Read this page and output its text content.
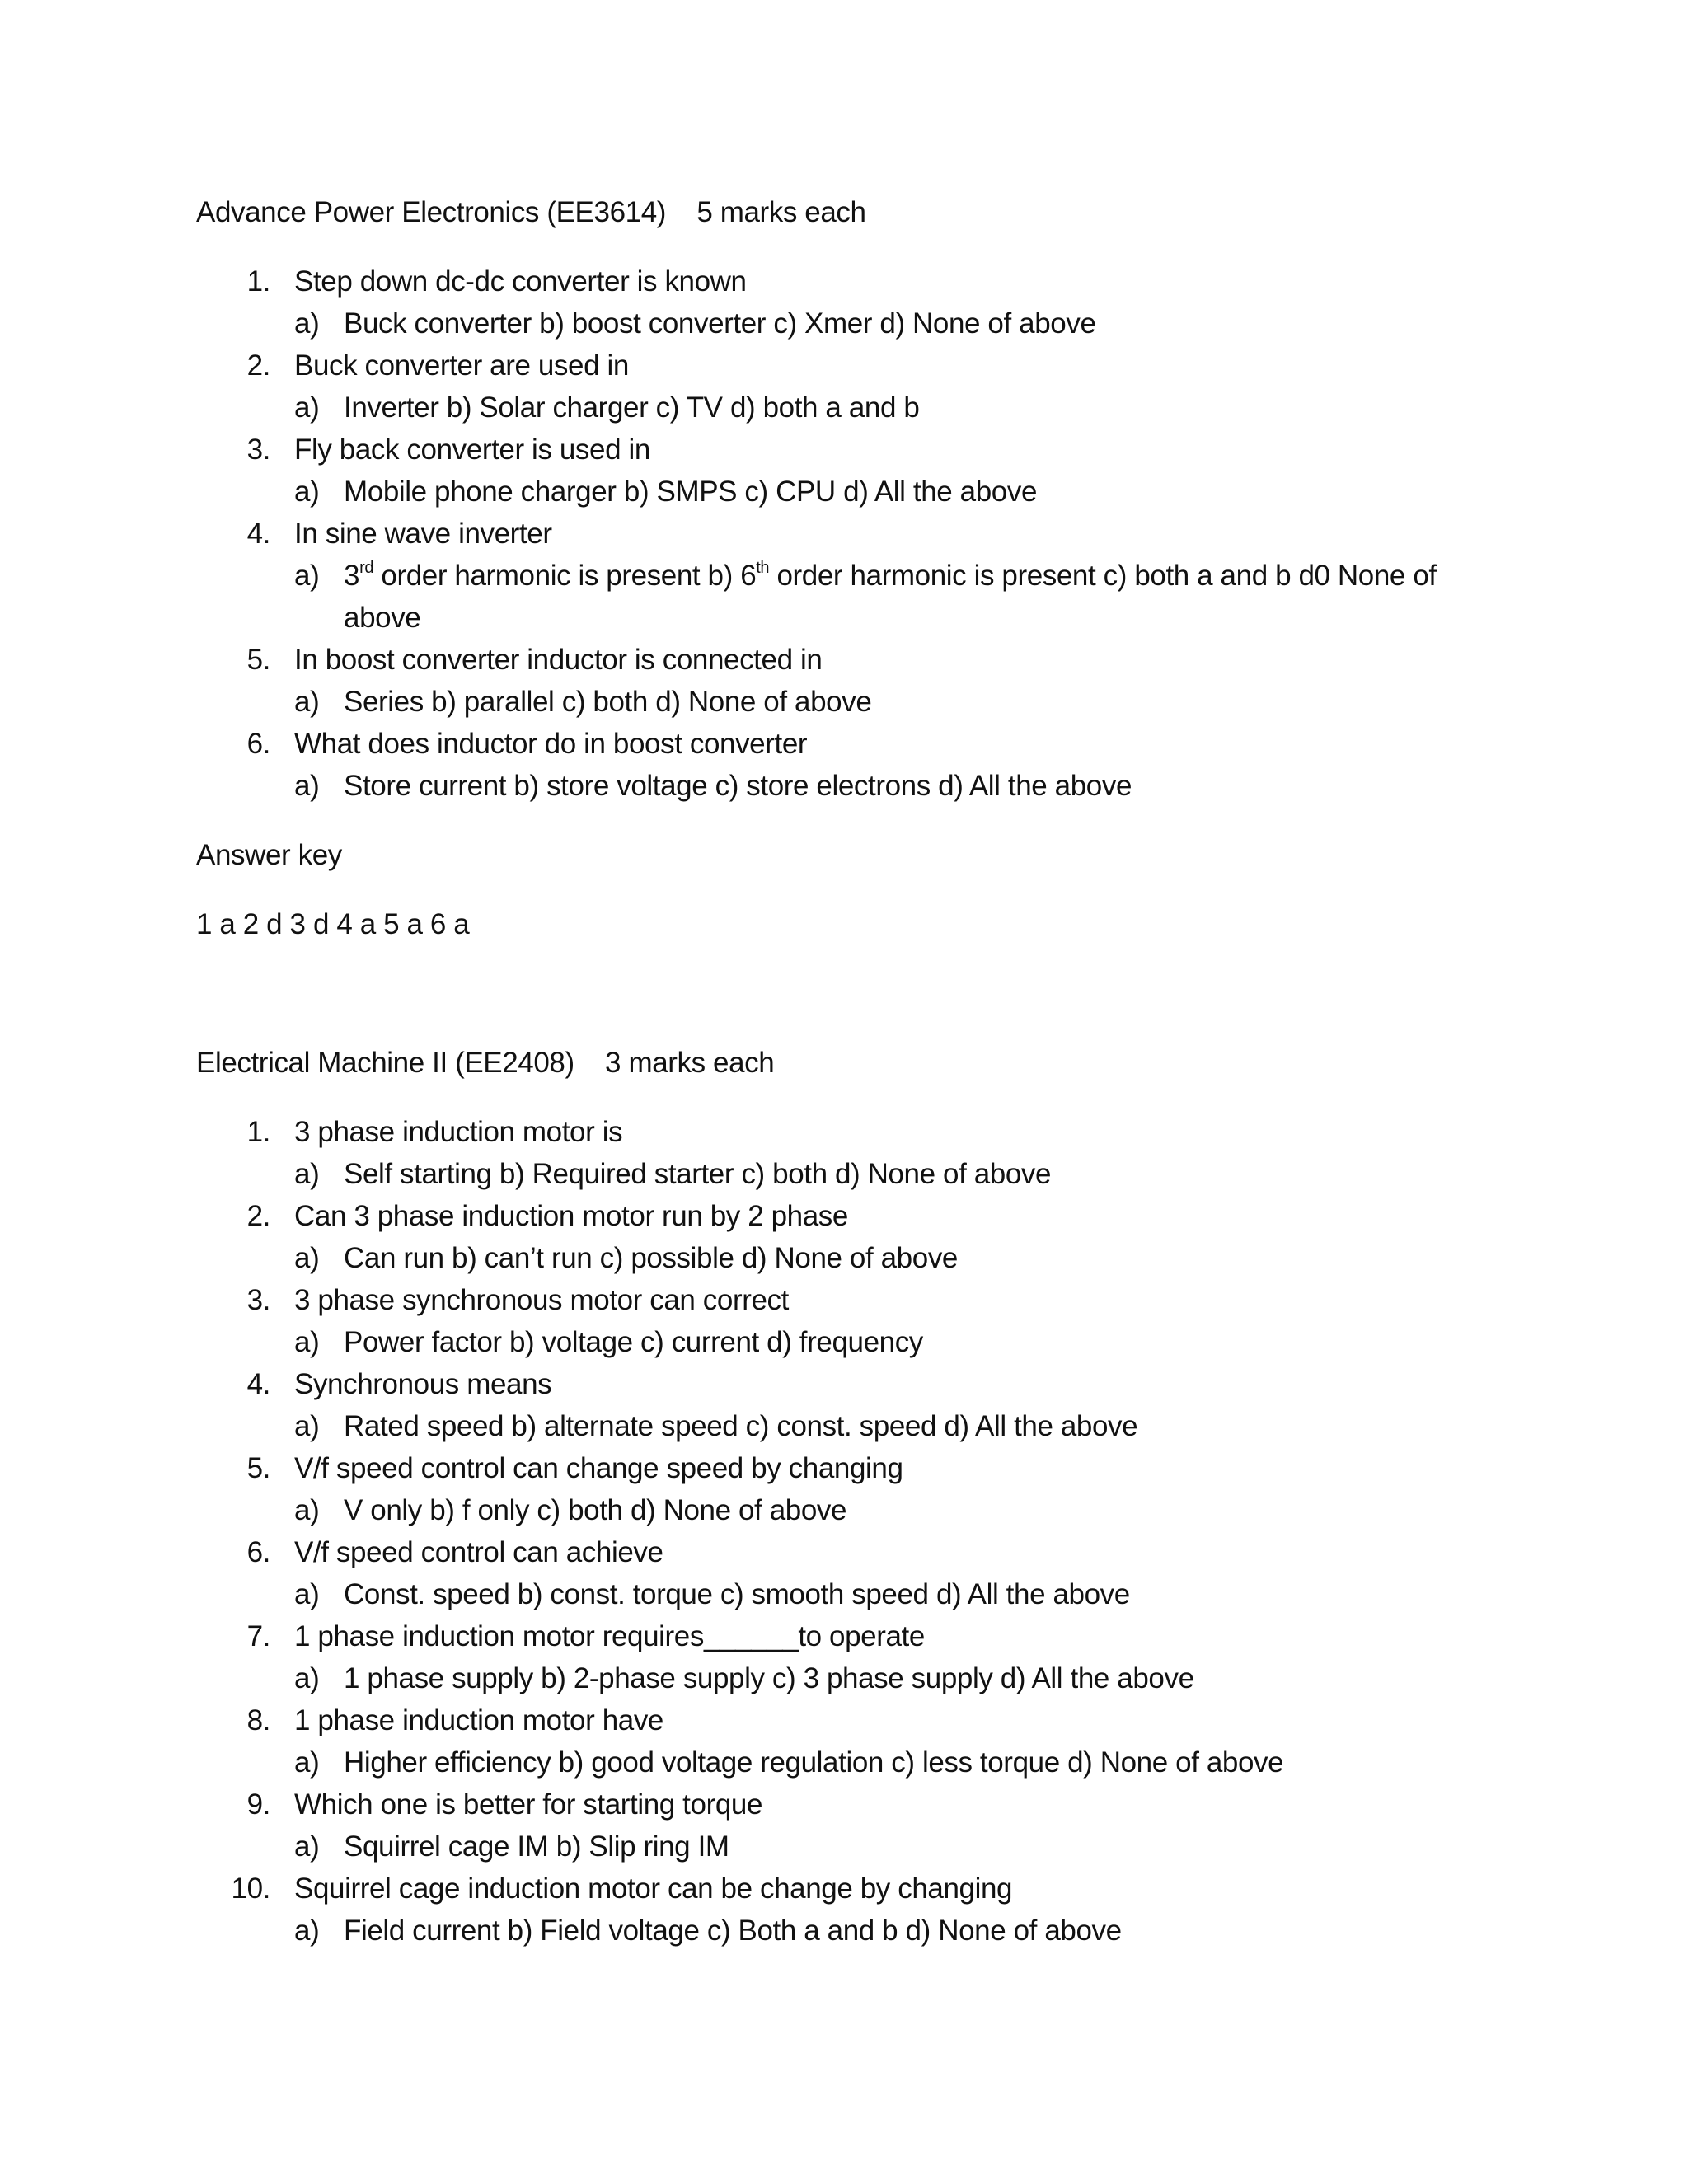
Advance Power Electronics (EE3614)    5 marks each
1. Step down dc-dc converter is known
a) Buck converter b) boost converter c) Xmer d) None of above
2. Buck converter are used in
a) Inverter b) Solar charger c) TV d) both a and b
3. Fly back converter is used in
a) Mobile phone charger b) SMPS c) CPU d) All the above
4. In sine wave inverter
a) 3rd order harmonic is present b) 6th order harmonic is present c) both a and b d0 None of above
5. In boost converter inductor is connected in
a) Series b) parallel c) both d) None of above
6. What does inductor do in boost converter
a) Store current b) store voltage c) store electrons d) All the above
Answer key
1 a 2 d 3 d 4 a 5 a 6 a
Electrical Machine II (EE2408)    3 marks each
1. 3 phase induction motor is
a) Self starting b) Required starter c) both d) None of above
2. Can 3 phase induction motor run by 2 phase
a) Can run b) can’t run c) possible d) None of above
3. 3 phase synchronous motor can correct
a) Power factor b) voltage c) current d) frequency
4. Synchronous means
a) Rated speed b) alternate speed c) const. speed d) All the above
5. V/f speed control can change speed by changing
a) V only b) f only c) both d) None of above
6. V/f speed control can achieve
a) Const. speed b) const. torque c) smooth speed d) All the above
7. 1 phase induction motor requires______to operate
a) 1 phase supply b) 2-phase supply c) 3 phase supply d) All the above
8. 1 phase induction motor have
a) Higher efficiency b) good voltage regulation c) less torque d) None of above
9. Which one is better for starting torque
a) Squirrel cage IM b) Slip ring IM
10. Squirrel cage induction motor can be change by changing
a) Field current b) Field voltage c) Both a and b d) None of above
